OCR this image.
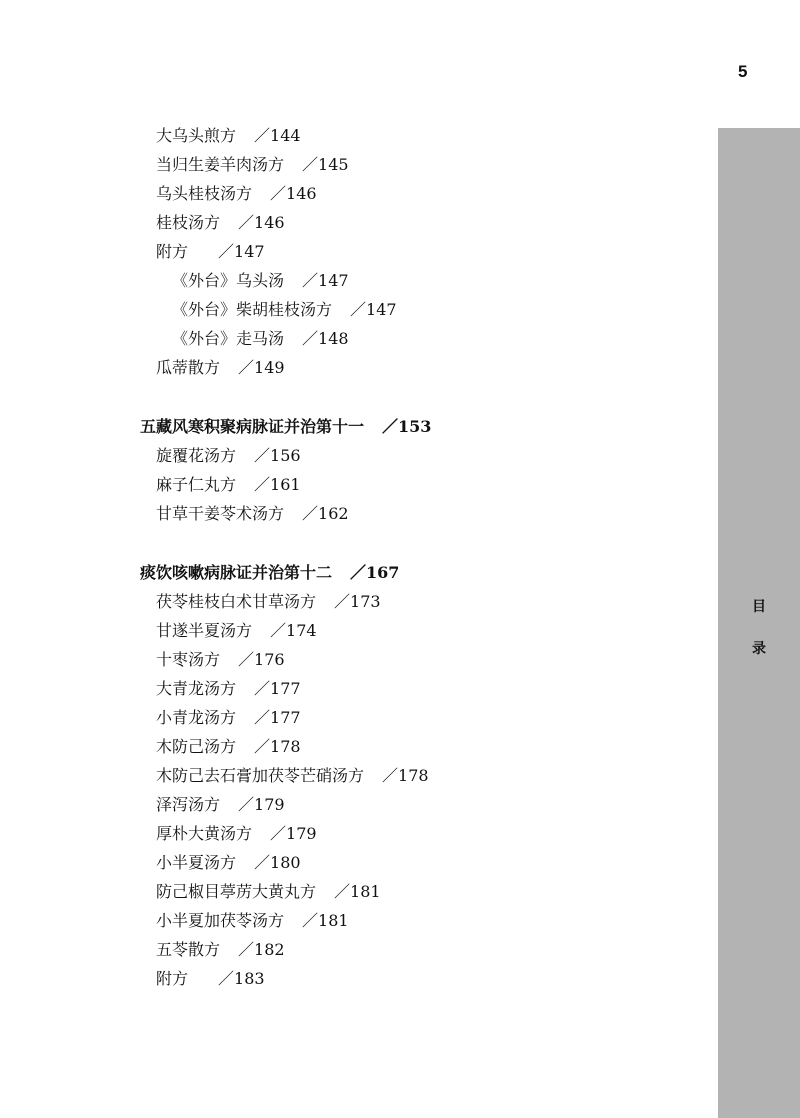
5
目
录
大乌头煎方 ／144
当归生姜羊肉汤方 ／145
乌头桂枝汤方 ／146
桂枝汤方 ／146
附方 ／147
《外台》乌头汤 ／147
《外台》柴胡桂枝汤方 ／147
《外台》走马汤 ／148
瓜蒂散方 ／149
五藏风寒积聚病脉证并治第十一 ／153
旋覆花汤方 ／156
麻子仁丸方 ／161
甘草干姜苓术汤方 ／162
痰饮咳嗽病脉证并治第十二 ／167
茯苓桂枝白术甘草汤方 ／173
甘遂半夏汤方 ／174
十枣汤方 ／176
大青龙汤方 ／177
小青龙汤方 ／177
木防己汤方 ／178
木防己去石膏加茯苓芒硝汤方 ／178
泽泻汤方 ／179
厚朴大黄汤方 ／179
小半夏汤方 ／180
防己椒目葶苈大黄丸方 ／181
小半夏加茯苓汤方 ／181
五苓散方 ／182
附方 ／183
